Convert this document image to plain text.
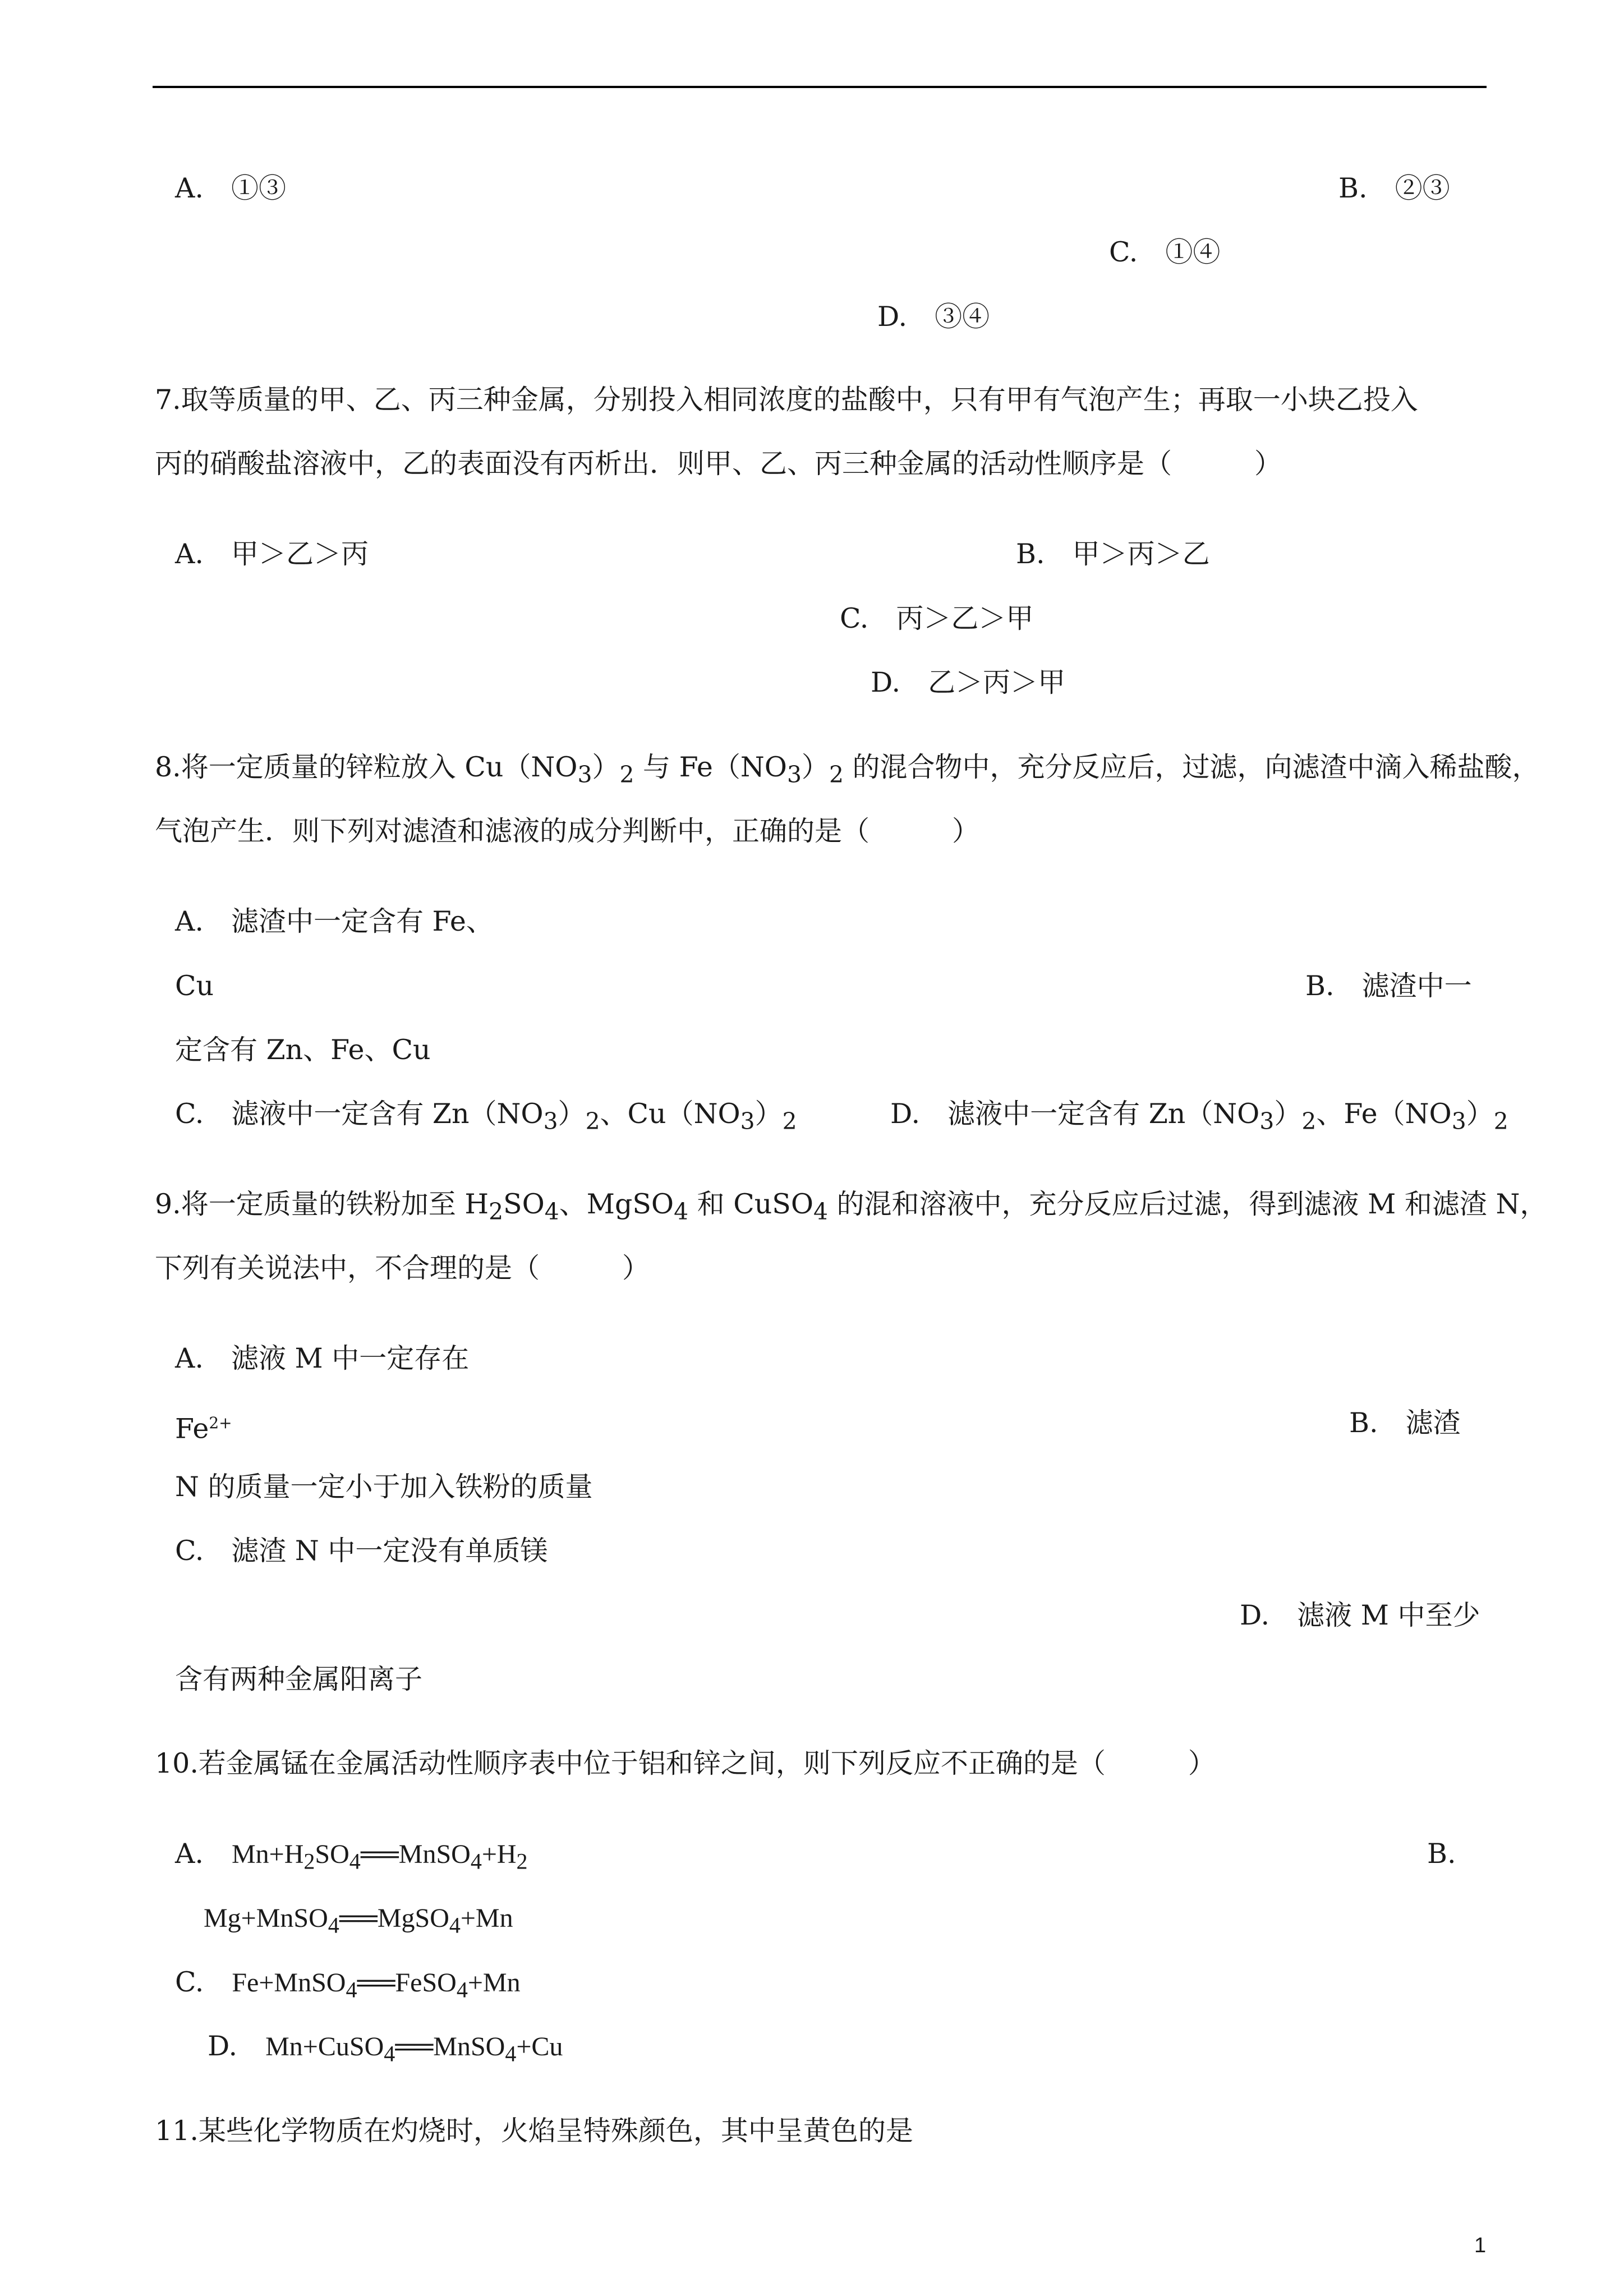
A.　①③	B.　②③
C.　①④
D.　③④
7.取等质量的甲、乙、丙三种金属，分别投入相同浓度的盐酸中，只有甲有气泡产生；再取一小块乙投入
丙的硝酸盐溶液中，乙的表面没有丙析出．则甲、乙、丙三种金属的活动性顺序是（　　　）
A.　甲＞乙＞丙	B.　甲＞丙＞乙
C.　丙＞乙＞甲
D.　乙＞丙＞甲
8.将一定质量的锌粒放入 $Cu(NO_3)_2$ 与 $Fe(NO_3)_2$ 的混合物中，充分反应后，过滤，向滤渣中滴入稀盐酸，
气泡产生．则下列对滤渣和滤液的成分判断中，正确的是（　　　）
A.　滤渣中一定含有 Fe、
Cu	B.　滤渣中一
定含有 Zn、Fe、Cu
C.　滤液中一定含有 $Zn(NO_3)_2$、$Cu(NO_3)_2$	D.　滤液中一定含有 $Zn(NO_3)_2$、$Fe(NO_3)_2$
9.将一定质量的铁粉加至 $H_2SO_4$、MgSO$_4$ 和 CuSO$_4$ 的混和溶液中，充分反应后过滤，得到滤液 M 和滤渣 N，
下列有关说法中，不合理的是（　　　）
A.　滤液 M 中一定存在
$Fe^{2+}$	B.　滤渣
N 的质量一定小于加入铁粉的质量
C.　滤渣 N 中一定没有单质镁
D.　滤液 M 中至少
含有两种金属阳离子
10.若金属锰在金属活动性顺序表中位于铝和锌之间，则下列反应不正确的是（　　　）
A. $Mn+H_2SO_4══MnSO_4+H_2$	B.
Mg+MnSO$_4$══MgSO$_4$+Mn
C. Fe+MnSO$_4$══FeSO$_4$+Mn
D. Mn+CuSO$_4$══MnSO$_4$+Cu
11.某些化学物质在灼烧时，火焰呈特殊颜色，其中呈黄色的是
1
